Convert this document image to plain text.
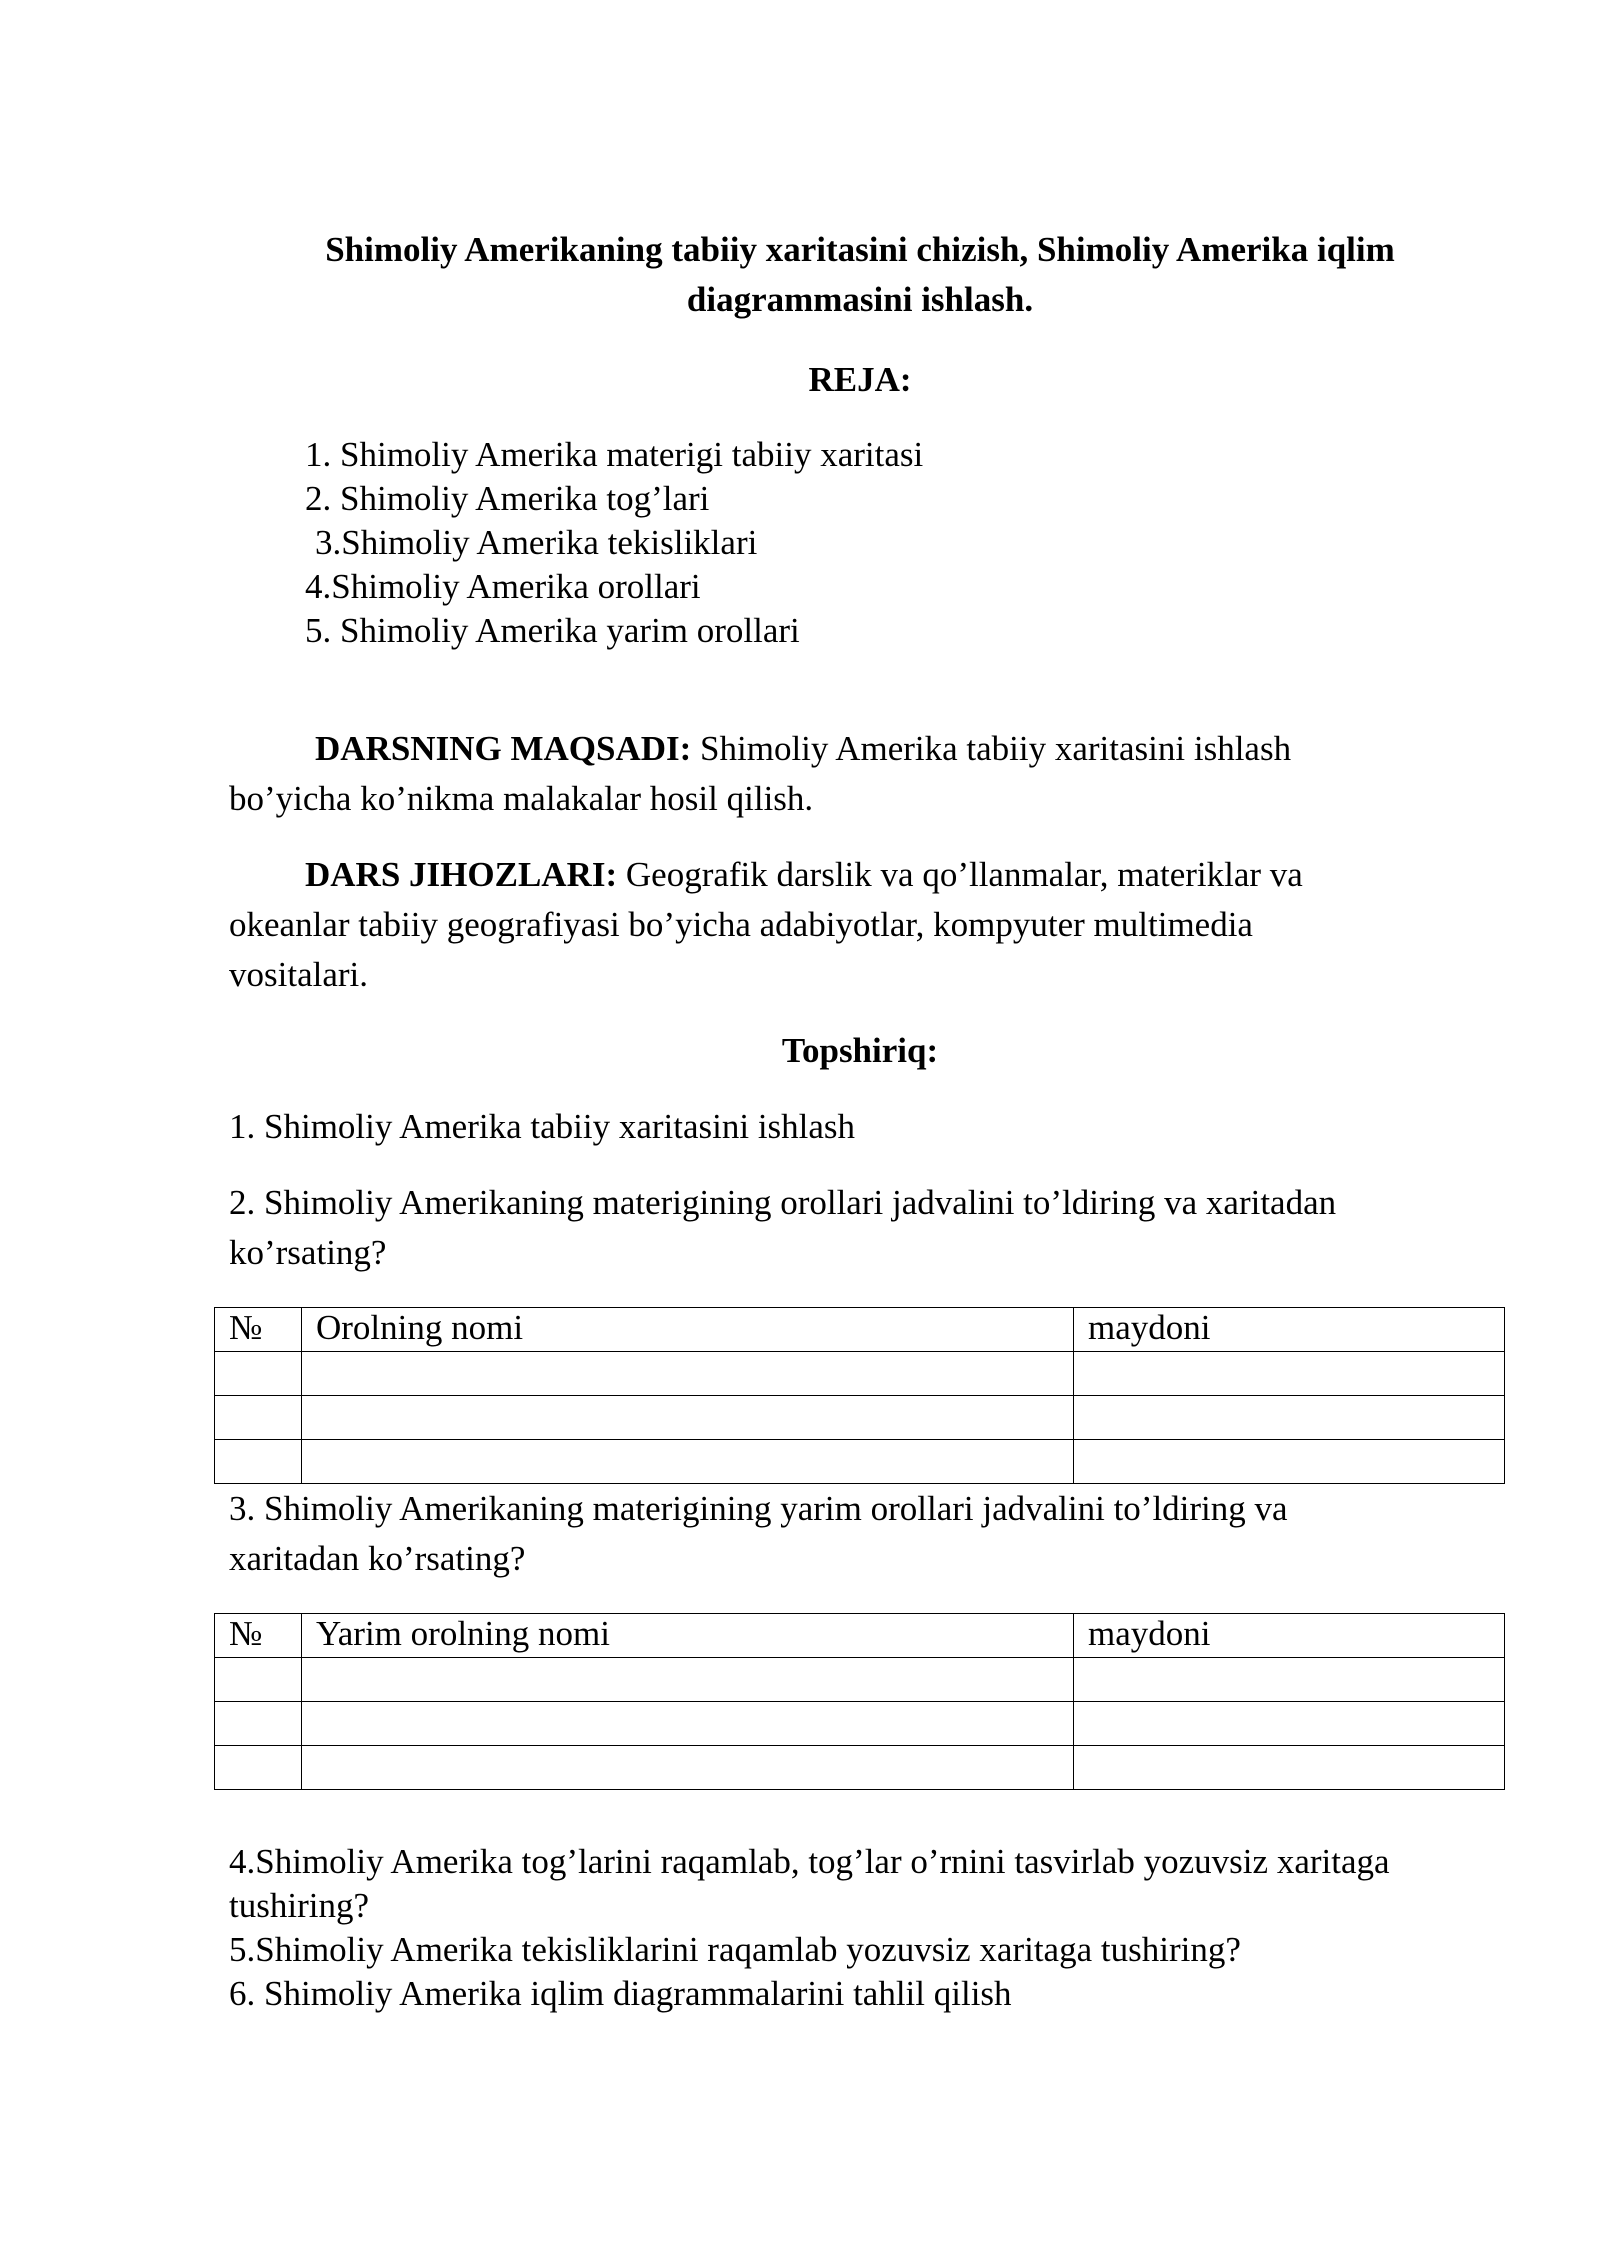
Shimoliy Amerikaning tabiiy xaritasini chizish, Shimoliy Amerika iqlim diagrammasini ishlash.
REJA:
1. Shimoliy Amerika materigi tabiiy xaritasi
2. Shimoliy Amerika tog’lari
3.Shimoliy Amerika tekisliklari
4.Shimoliy Amerika orollari
5. Shimoliy Amerika yarim orollari
DARSNING MAQSADI: Shimoliy Amerika tabiiy xaritasini ishlash
bo’yicha ko’nikma malakalar hosil qilish.
DARS JIHOZLARI: Geografik darslik va qo’llanmalar, materiklar va
okeanlar tabiiy geografiyasi bo’yicha adabiyotlar, kompyuter multimedia
vositalari.
Topshiriq:
1. Shimoliy Amerika tabiiy xaritasini ishlash
2. Shimoliy Amerikaning materigining orollari jadvalini to’ldiring va xaritadan
ko’rsating?
№	Orolning nomi	maydoni

3. Shimoliy Amerikaning materigining yarim orollari jadvalini to’ldiring va
xaritadan ko’rsating?
№	Yarim orolning nomi	maydoni

4.Shimoliy Amerika tog’larini raqamlab, tog’lar o’rnini tasvirlab yozuvsiz xaritaga
tushiring?
5.Shimoliy Amerika tekisliklarini raqamlab yozuvsiz xaritaga tushiring?
6. Shimoliy Amerika iqlim diagrammalarini tahlil qilish
